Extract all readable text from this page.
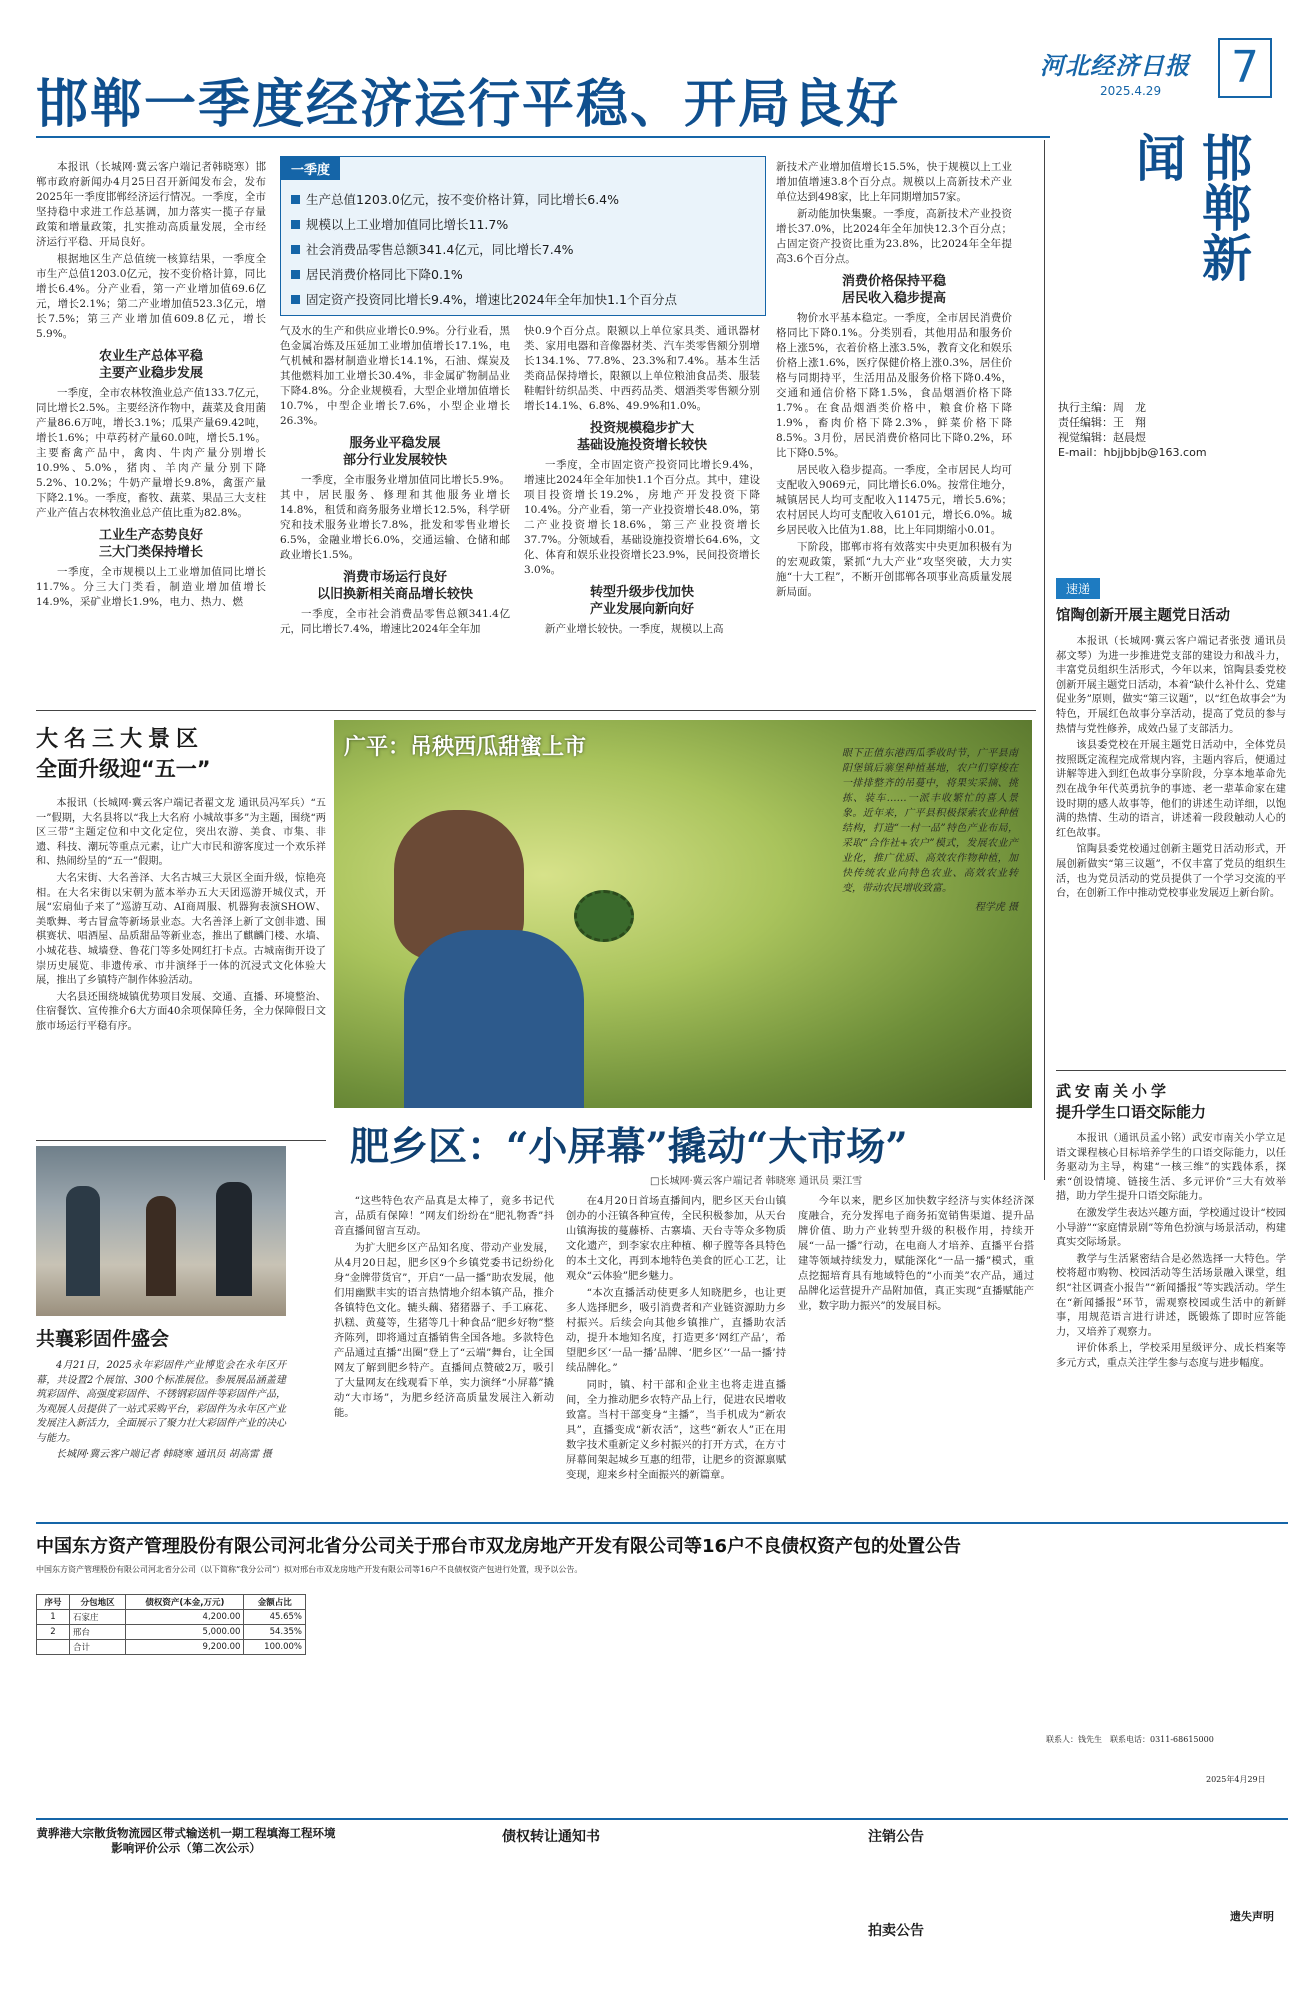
河北经济日报
2025.4.29 7
邯郸一季度经济运行平稳、开局良好
邯郸新闻
执行主编：周　龙
责任编辑：王　翔
视觉编辑：赵晨煜
E-mail：hbjjbbjb@163.com

本报讯（长城网·冀云客户端记者韩晓寒）邯郸市政府新闻办4月25日召开新闻发布会，发布2025年一季度邯郸经济运行情况。一季度，全市坚持稳中求进工作总基调，加力落实一揽子存量政策和增量政策，扎实推动高质量发展，全市经济运行平稳、开局良好。

根据地区生产总值统一核算结果，一季度全市生产总值1203.0亿元，按不变价格计算，同比增长6.4%。分产业看，第一产业增加值69.6亿元，增长2.1%；第二产业增加值523.3亿元，增长7.5%；第三产业增加值609.8亿元，增长5.9%。

农业生产总体平稳
主要产业稳步发展

一季度，全市农林牧渔业总产值133.7亿元，同比增长2.5%。主要经济作物中，蔬菜及食用菌产量86.6万吨，增长3.1%；瓜果产量69.42吨，增长1.6%；中草药材产量60.0吨，增长5.1%。主要畜禽产品中，禽肉、牛肉产量分别增长10.9%、5.0%，猪肉、羊肉产量分别下降5.2%、10.2%；牛奶产量增长9.8%，禽蛋产量下降2.1%。一季度，畜牧、蔬菜、果品三大支柱产业产值占农林牧渔业总产值比重为82.8%。

工业生产态势良好
三大门类保持增长

一季度，全市规模以上工业增加值同比增长11.7%。分三大门类看，制造业增加值增长14.9%，采矿业增长1.9%，电力、热力、燃

一季度
生产总值1203.0亿元，按不变价格计算，同比增长6.4%
规模以上工业增加值同比增长11.7%
社会消费品零售总额341.4亿元，同比增长7.4%
居民消费价格同比下降0.1%
固定资产投资同比增长9.4%，增速比2024年全年加快1.1个百分点

气及水的生产和供应业增长0.9%。分行业看，黑色金属冶炼及压延加工业增加值增长17.1%，电气机械和器材制造业增长14.1%，石油、煤炭及其他燃料加工业增长30.4%，非金属矿物制品业下降4.8%。分企业规模看，大型企业增加值增长10.7%，中型企业增长7.6%，小型企业增长26.3%。

服务业平稳发展
部分行业发展较快

一季度，全市服务业增加值同比增长5.9%。其中，居民服务、修理和其他服务业增长14.8%，租赁和商务服务业增长12.5%，科学研究和技术服务业增长7.8%，批发和零售业增长6.5%，金融业增长6.0%，交通运输、仓储和邮政业增长1.5%。

消费市场运行良好
以旧换新相关商品增长较快

一季度，全市社会消费品零售总额341.4亿元，同比增长7.4%，增速比2024年全年加

快0.9个百分点。限额以上单位家具类、通讯器材类、家用电器和音像器材类、汽车类零售额分别增长134.1%、77.8%、23.3%和7.4%。基本生活类商品保持增长，限额以上单位粮油食品类、服装鞋帽针纺织品类、中西药品类、烟酒类零售额分别增长14.1%、6.8%、49.9%和1.0%。

投资规模稳步扩大
基础设施投资增长较快

一季度，全市固定资产投资同比增长9.4%，增速比2024年全年加快1.1个百分点。其中，建设项目投资增长19.2%，房地产开发投资下降10.4%。分产业看，第一产业投资增长48.0%，第二产业投资增长18.6%，第三产业投资增长37.7%。分领域看，基础设施投资增长64.6%，文化、体育和娱乐业投资增长23.9%，民间投资增长3.0%。

转型升级步伐加快
产业发展向新向好

新产业增长较快。一季度，规模以上高

新技术产业增加值增长15.5%，快于规模以上工业增加值增速3.8个百分点。规模以上高新技术产业单位达到498家，比上年同期增加57家。

新动能加快集聚。一季度，高新技术产业投资增长37.0%，比2024年全年加快12.3个百分点；占固定资产投资比重为23.8%，比2024年全年提高3.6个百分点。

消费价格保持平稳
居民收入稳步提高

物价水平基本稳定。一季度，全市居民消费价格同比下降0.1%。分类别看，其他用品和服务价格上涨5%，衣着价格上涨3.5%，教育文化和娱乐价格上涨1.6%，医疗保健价格上涨0.3%，居住价格与同期持平，生活用品及服务价格下降0.4%，交通和通信价格下降1.5%，食品烟酒价格下降1.7%。在食品烟酒类价格中，粮食价格下降1.9%，畜肉价格下降2.3%，鲜菜价格下降8.5%。3月份，居民消费价格同比下降0.2%，环比下降0.5%。

居民收入稳步提高。一季度，全市居民人均可支配收入9069元，同比增长6.0%。按常住地分，城镇居民人均可支配收入11475元，增长5.6%；农村居民人均可支配收入6101元，增长6.0%。城乡居民收入比值为1.88，比上年同期缩小0.01。

下阶段，邯郸市将有效落实中央更加积极有为的宏观政策，紧抓“九大产业”攻坚突破，大力实施“十大工程”，不断开创邯郸各项事业高质量发展新局面。

大名三大景区
全面升级迎“五一”

本报讯（长城网·冀云客户端记者翟文龙 通讯员冯军兵）“五一”假期，大名县将以“我上大名府 小城故事多”为主题，围绕“两区三带”主题定位和中文化定位，突出农游、美食、市集、非遗、科技、潮玩等重点元素，让广大市民和游客度过一个欢乐祥和、热闹纷呈的“五一”假期。

大名宋街、大名善泽、大名古城三大景区全面升级，惊艳亮相。在大名宋街以宋朝为蓝本举办五大天团巡游开城仪式，开展“宏扇仙子来了”巡游互动、AI商周服、机器狗表演SHOW、美歌舞、考古冒盒等新场景业态。大名善泽上新了文创非遗、围棋赛状、唱酒屋、品质甜品等新业态，推出了麒麟门楼、水墙、小城花巷、城墙登、鲁花门等多处网红打卡点。古城南街开设了崇历史展览、非遗传承、市井演绎于一体的沉浸式文化体验大展，推出了乡镇特产制作体验活动。

大名县还围绕城镇优势项目发展、交通、直播、环境整治、住宿餐饮、宣传推介6大方面40余项保障任务，全力保障假日文旅市场运行平稳有序。

共襄彩固件盛会

4月21日，2025永年彩固件产业博览会在永年区开幕，共设置2个展馆、300个标准展位。参展展品涵盖建筑彩固件、高强度彩固件、不锈钢彩固件等彩固件产品，为观展人员提供了一站式采购平台，彩固件为永年区产业发展注入新活力，全面展示了聚力壮大彩固件产业的决心与能力。

长城网·冀云客户端记者 韩晓寒 通讯员 胡高雷 摄

广平：吊秧西瓜甜蜜上市	眼下正值东港西瓜季收时节，广平县南阳堡镇后寨堡种植基地，农户们穿梭在一排排整齐的吊蔓中，将果实采摘、挑拣、装车……一派丰收繁忙的喜人景象。近年来，广平县积极探索农业种植结构，打造“一村一品”特色产业布局，采取“合作社+农户”模式，发展农业产业化，推广优质、高效农作物种植，加快传统农业向特色农业、高效农业转变，带动农民增收致富。
程学虎 摄
肥乡区：“小屏幕”撬动“大市场”
□长城网·冀云客户端记者 韩晓寒 通讯员 栗江雪

“这些特色农产品真是太棒了，竟多书记代言，品质有保障！”网友们纷纷在“肥礼物香”抖音直播间留言互动。

为扩大肥乡区产品知名度、带动产业发展，从4月20日起，肥乡区9个乡镇党委书记纷纷化身“金牌带货官”，开启“一品一播”助农发展，他们用幽默丰实的语言热情地介绍本镇产品，推介各镇特色文化。辘头藕、猪猪器子、手工麻花、扒糕、黄蔓等，生猪等几十种食品“肥乡好物”整齐陈列，即将通过直播销售全国各地。多款特色产品通过直播“出圈”登上了“云端”舞台，让全国网友了解到肥乡特产。直播间点赞破2万，吸引了大量网友在线观看下单，实力演绎“小屏幕”撬动“大市场”，为肥乡经济高质量发展注入新动能。

在4月20日首场直播间内，肥乡区天台山镇创办的小汪镇各种宣传，全民积极参加，从天台山镇海拔的蔓藤桥、古寨墙、天台寺等众多物质文化遗产，到李家农庄种植、柳子膛等各具特色的本土文化，再到本地特色美食的匠心工艺，让观众“云体验”肥乡魅力。

“本次直播活动使更多人知晓肥乡，也让更多人选择肥乡，吸引消费者和产业链资源助力乡村振兴。后续会向其他乡镇推广，直播助农活动，提升本地知名度，打造更多‘网红产品’，希望肥乡区‘一品一播’品牌、‘肥乡区’‘一品一播’持续品牌化。”

同时，镇、村干部和企业主也将走进直播间，全力推动肥乡农特产品上行，促进农民增收致富。当村干部变身“主播”，当手机成为“新农具”，直播变成“新农活”，这些“新农人”正在用数字技术重新定义乡村振兴的打开方式，在方寸屏幕间架起城乡互惠的纽带，让肥乡的资源禀赋变现，迎来乡村全面振兴的新篇章。

今年以来，肥乡区加快数字经济与实体经济深度融合，充分发挥电子商务拓宽销售渠道、提升品牌价值、助力产业转型升级的积极作用，持续开展“一品一播”行动，在电商人才培养、直播平台搭建等领域持续发力，赋能深化“一品一播”模式，重点挖掘培育具有地域特色的“小而美”农产品，通过品牌化运营提升产品附加值，真正实现“直播赋能产业，数字助力振兴”的发展目标。

速递
馆陶创新开展主题党日活动

本报讯（长城网·冀云客户端记者张弢 通讯员郝文琴）为进一步推进党支部的建设力和战斗力，丰富党员组织生活形式，今年以来，馆陶县委党校创新开展主题党日活动，本着“缺什么补什么、党建促业务”原则，做实“第三议题”，以“红色故事会”为特色，开展红色故事分享活动，提高了党员的参与热情与党性修养，成效凸显了支部活力。

该县委党校在开展主题党日活动中，全体党员按照既定流程完成常规内容，主题内容后，便通过讲解等进入到红色故事分享阶段，分享本地革命先烈在战争年代英勇抗争的事迹、老一辈革命家在建设时期的感人故事等，他们的讲述生动详细，以饱满的热情、生动的语言，讲述着一段段触动人心的红色故事。

馆陶县委党校通过创新主题党日活动形式，开展创新做实“第三议题”，不仅丰富了党员的组织生活，也为党员活动的党员提供了一个学习交流的平台，在创新工作中推动党校事业发展迈上新台阶。

武安南关小学
提升学生口语交际能力

本报讯（通讯员孟小铭）武安市南关小学立足语文课程核心目标培养学生的口语交际能力，以任务驱动为主导，构建“一核三维”的实践体系，探索“创设情境、链接生活、多元评价”三大有效举措，助力学生提升口语交际能力。

在激发学生表达兴趣方面，学校通过设计“校园小导游”“家庭情景剧”等角色扮演与场景活动，构建真实交际场景。

教学与生活紧密结合是必然选择一大特色。学校将超市购物、校园活动等生活场景融入课堂，组织“社区调查小报告”“新闻播报”等实践活动。学生在“新闻播报”环节，需观察校园或生活中的新鲜事，用规范语言进行讲述，既锻炼了即时应答能力，又培养了观察力。

评价体系上，学校采用星级评分、成长档案等多元方式，重点关注学生参与态度与进步幅度。

中国东方资产管理股份有限公司河北省分公司关于邢台市双龙房地产开发有限公司等16户不良债权资产包的处置公告
中国东方资产管理股份有限公司河北省分公司（以下简称“我分公司”）拟对邢台市双龙房地产开发有限公司等16户不良债权资产包进行处置，现予以公告。
序号	分包地区	债权资产(本金,万元)	金额占比
1	石家庄	4,200.00	45.65%
2	邢台	5,000.00	54.35%
	合计	9,200.00	100.00%
联系人：钱先生　联系电话：0311-68615000
2025年4月29日
黄骅港大宗散货物流园区带式输送机一期工程填海工程环境影响评价公示（第二次公示）
债权转让通知书	注销公告
拍卖公告
遗失声明
